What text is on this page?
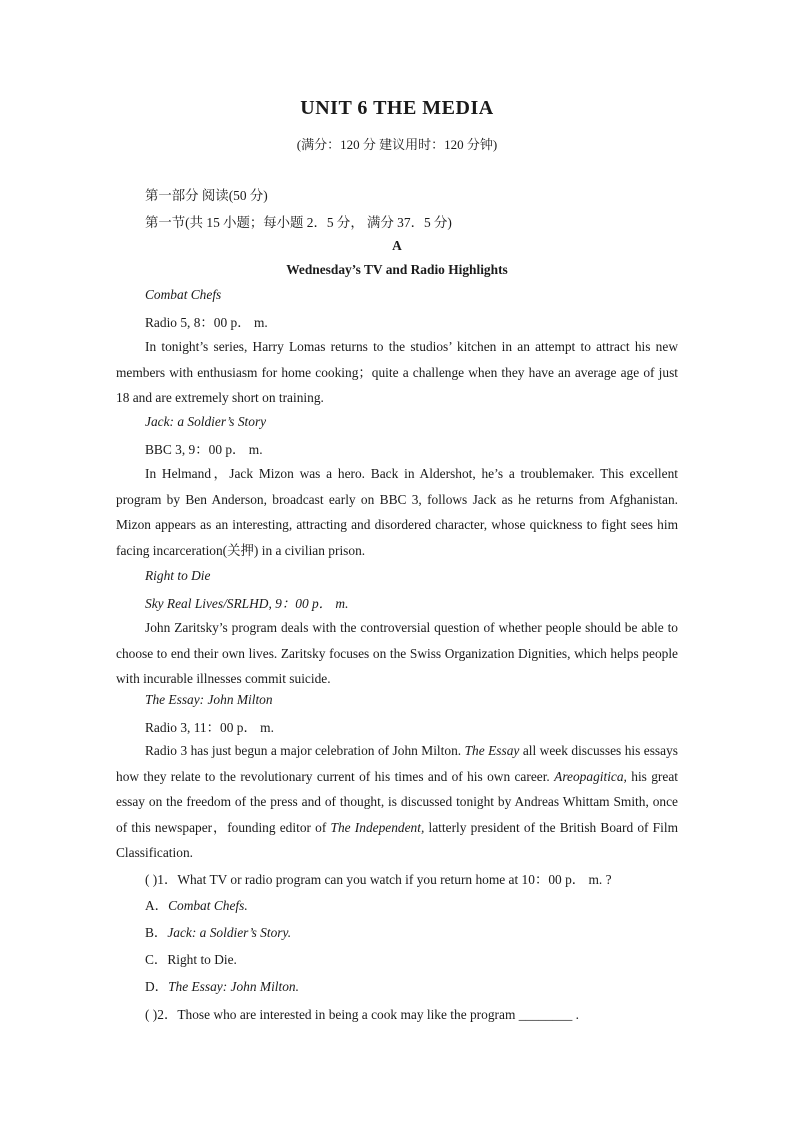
UNIT 6 THE MEDIA
(满分：120 分 建议用时：120 分钟)
第一部分 阅读(50 分)
第一节(共 15 小题；每小题 2．5 分， 满分 37．5 分)
A
Wednesday’s TV and Radio Highlights
Combat Chefs
Radio 5, 8：00 p． m.
In tonight’s series, Harry Lomas returns to the studios’ kitchen in an attempt to attract his new members with enthusiasm for home cooking；quite a challenge when they have an average age of just 18 and are extremely short on training.
Jack: a Soldier’s Story
BBC 3, 9：00 p． m.
In Helmand，Jack Mizon was a hero. Back in Aldershot, he’s a troublemaker. This excellent program by Ben Anderson, broadcast early on BBC 3, follows Jack as he returns from Afghanistan. Mizon appears as an interesting, attracting and disordered character, whose quickness to fight sees him facing incarceration(关押) in a civilian prison.
Right to Die
Sky Real Lives/SRLHD, 9：00 p． m.
John Zaritsky’s program deals with the controversial question of whether people should be able to choose to end their own lives. Zaritsky focuses on the Swiss Organization Dignities, which helps people with incurable illnesses commit suicide.
The Essay: John Milton
Radio 3, 11：00 p． m.
Radio 3 has just begun a major celebration of John Milton. The Essay all week discusses his essays how they relate to the revolutionary current of his times and of his own career. Areopagitica, his great essay on the freedom of the press and of thought, is discussed tonight by Andreas Whittam Smith, once of this newspaper，founding editor of The Independent, latterly president of the British Board of Film Classification.
( )1．What TV or radio program can you watch if you return home at 10：00 p． m. ?
A．Combat Chefs.
B．Jack: a Soldier’s Story.
C．Right to Die.
D．The Essay: John Milton.
( )2．Those who are interested in being a cook may like the program ________ .
